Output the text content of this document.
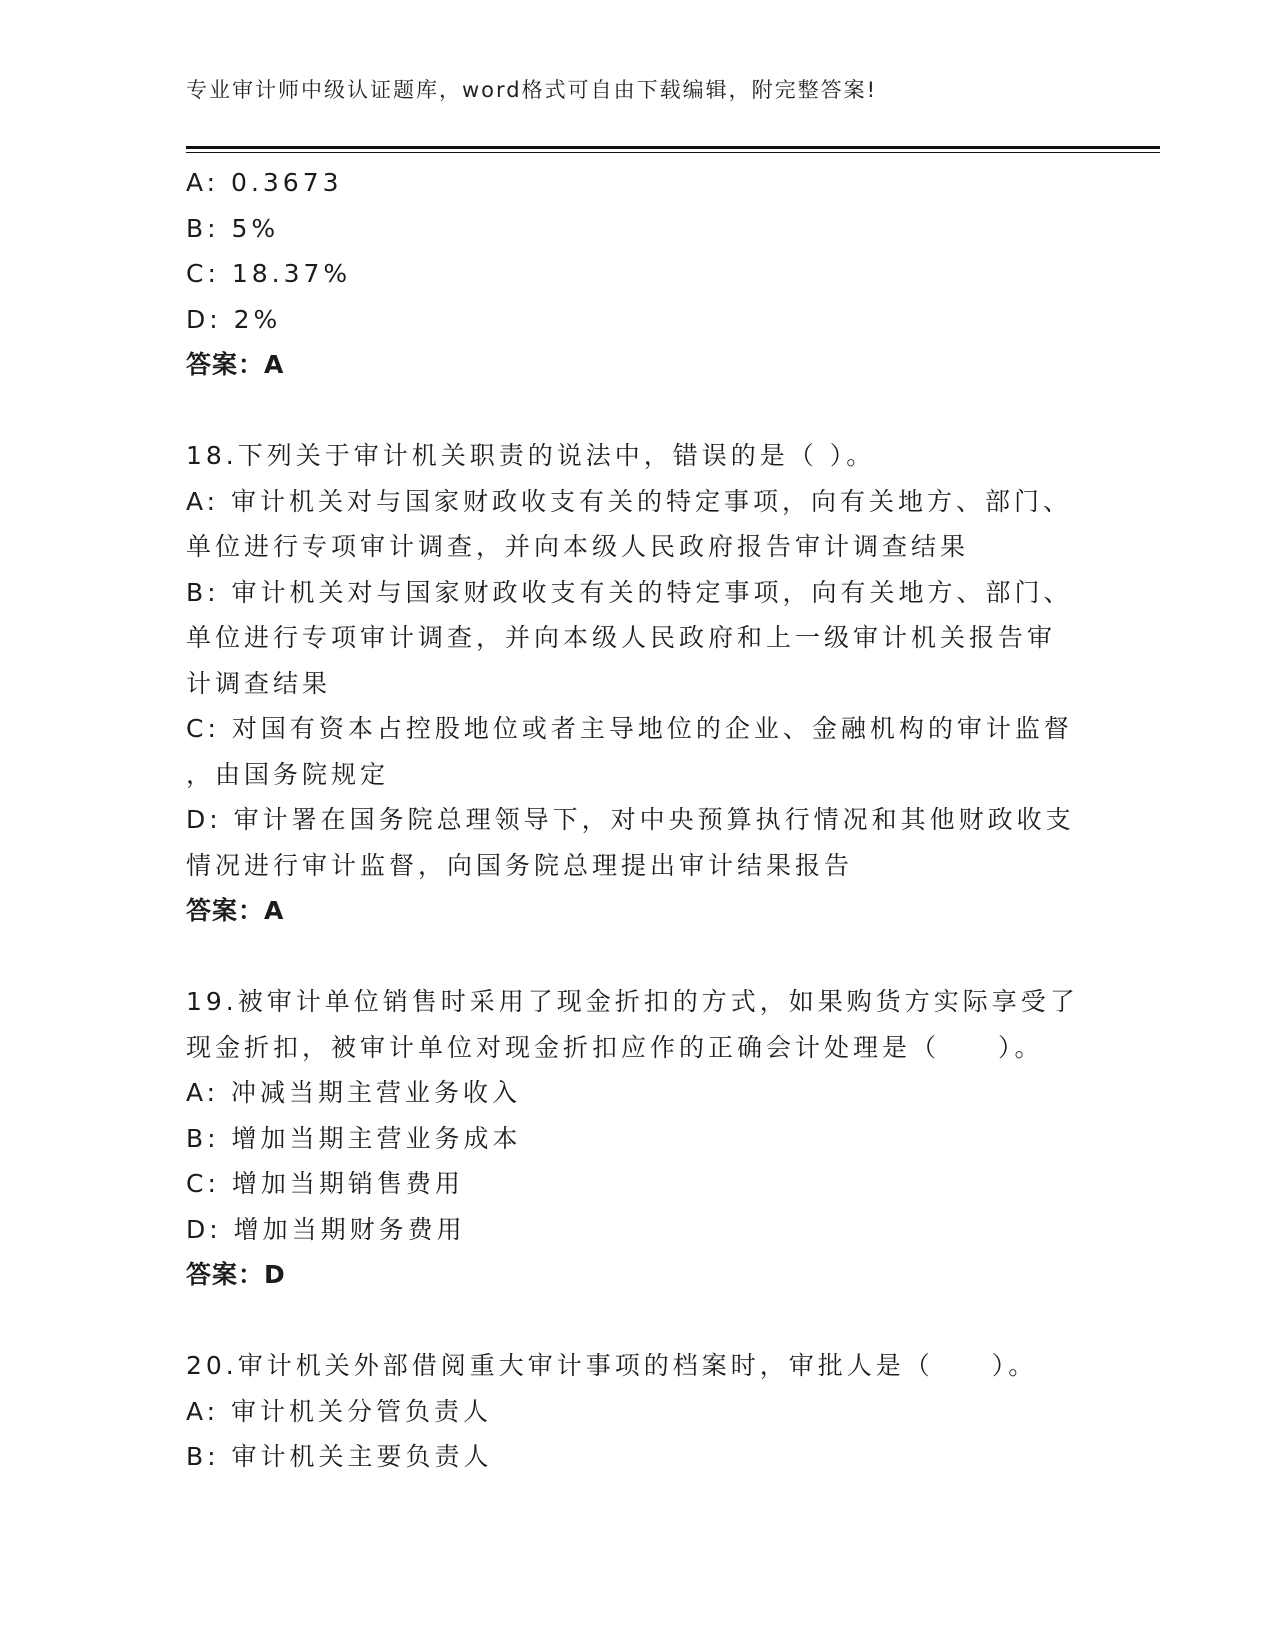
专业审计师中级认证题库，word格式可自由下载编辑，附完整答案!
A: 0.3673
B: 5%
C: 18.37%
D: 2%
答案：A
18.下列关于审计机关职责的说法中，错误的是（ ）。
A: 审计机关对与国家财政收支有关的特定事项，向有关地方、部门、
单位进行专项审计调查，并向本级人民政府报告审计调查结果
B: 审计机关对与国家财政收支有关的特定事项，向有关地方、部门、
单位进行专项审计调查，并向本级人民政府和上一级审计机关报告审
计调查结果
C: 对国有资本占控股地位或者主导地位的企业、金融机构的审计监督
，由国务院规定
D: 审计署在国务院总理领导下，对中央预算执行情况和其他财政收支
情况进行审计监督，向国务院总理提出审计结果报告
答案：A
19.被审计单位销售时采用了现金折扣的方式，如果购货方实际享受了
现金折扣，被审计单位对现金折扣应作的正确会计处理是（　　）。
A: 冲减当期主营业务收入
B: 增加当期主营业务成本
C: 增加当期销售费用
D: 增加当期财务费用
答案：D
20.审计机关外部借阅重大审计事项的档案时，审批人是（　　）。
A: 审计机关分管负责人
B: 审计机关主要负责人
